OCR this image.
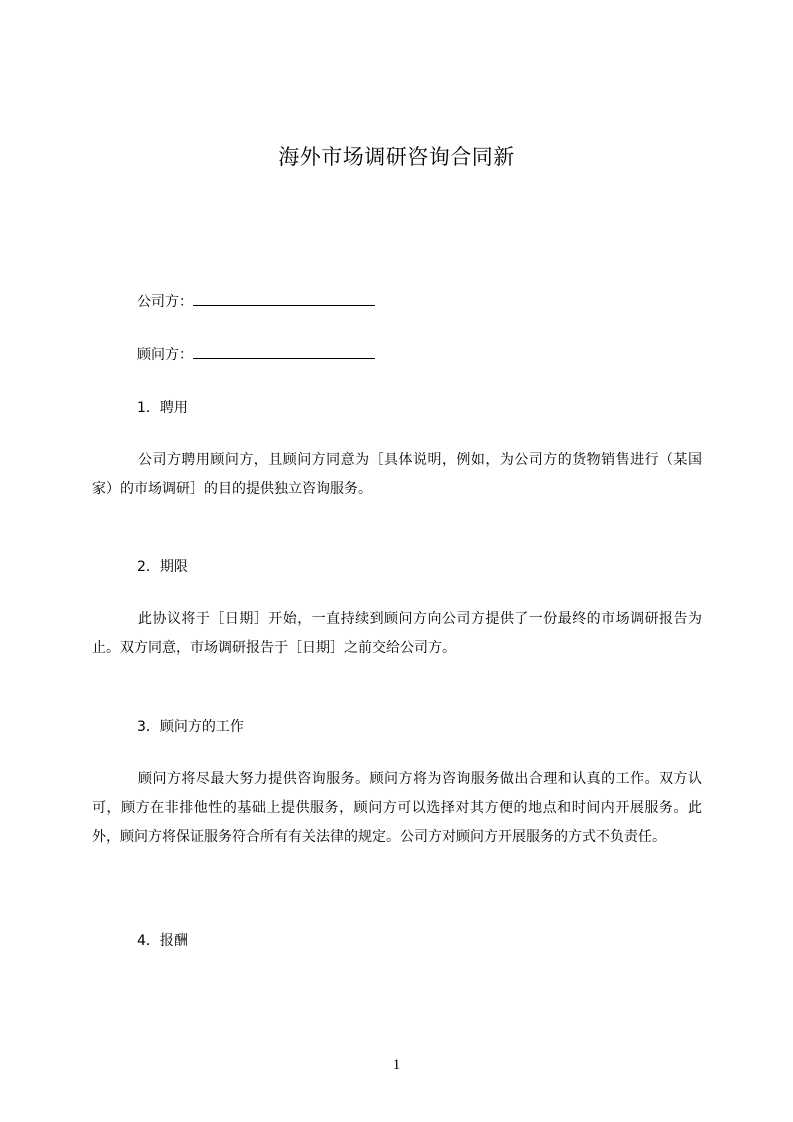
海外市场调研咨询合同新
公司方：
顾问方：
1．聘用
公司方聘用顾问方，且顾问方同意为［具体说明，例如，为公司方的货物销售进行（某国家）的市场调研］的目的提供独立咨询服务。
2．期限
此协议将于［日期］开始，一直持续到顾问方向公司方提供了一份最终的市场调研报告为止。双方同意，市场调研报告于［日期］之前交给公司方。
3．顾问方的工作
顾问方将尽最大努力提供咨询服务。顾问方将为咨询服务做出合理和认真的工作。双方认可，顾方在非排他性的基础上提供服务，顾问方可以选择对其方便的地点和时间内开展服务。此外，顾问方将保证服务符合所有有关法律的规定。公司方对顾问方开展服务的方式不负责任。
4．报酬
1
